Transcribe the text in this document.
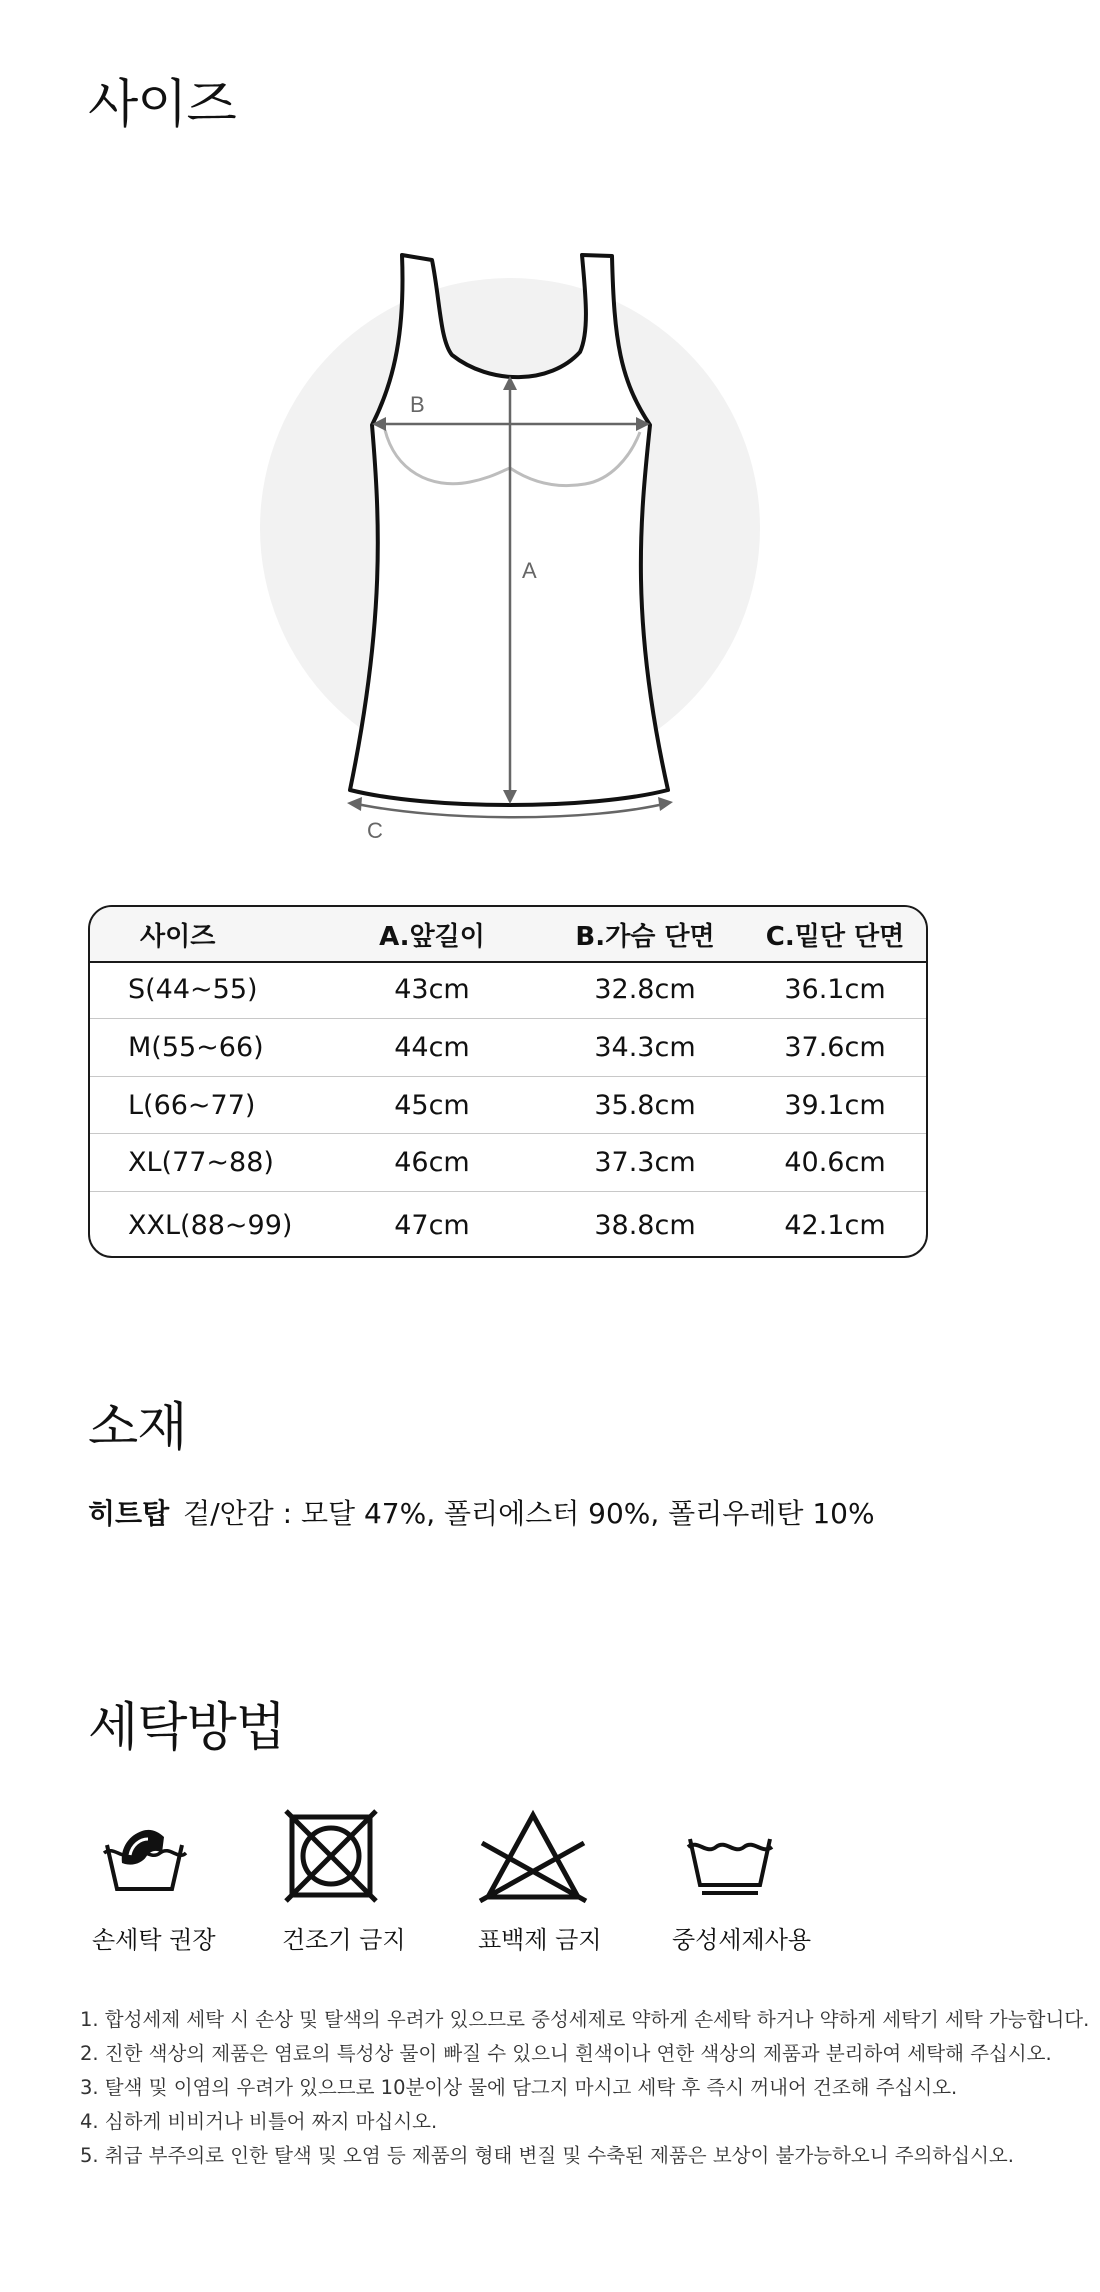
사이즈
B
A
C
사이즈	A.앞길이	B.가슴 단면	C.밑단 단면
S(44~55)	43cm	32.8cm	36.1cm
M(55~66)	44cm	34.3cm	37.6cm
L(66~77)	45cm	35.8cm	39.1cm
XL(77~88)	46cm	37.3cm	40.6cm
XXL(88~99)	47cm	38.8cm	42.1cm
소재
히트탑 겉/안감 : 모달 47%, 폴리에스터 90%, 폴리우레탄 10%
세탁방법
손세탁 권장	건조기 금지	표백제 금지	중성세제사용
1. 합성세제 세탁 시 손상 및 탈색의 우려가 있으므로 중성세제로 약하게 손세탁 하거나 약하게 세탁기 세탁 가능합니다.
2. 진한 색상의 제품은 염료의 특성상 물이 빠질 수 있으니 흰색이나 연한 색상의 제품과 분리하여 세탁해 주십시오.
3. 탈색 및 이염의 우려가 있으므로 10분이상 물에 담그지 마시고 세탁 후 즉시 꺼내어 건조해 주십시오.
4. 심하게 비비거나 비틀어 짜지 마십시오.
5. 취급 부주의로 인한 탈색 및 오염 등 제품의 형태 변질 및 수축된 제품은 보상이 불가능하오니 주의하십시오.
